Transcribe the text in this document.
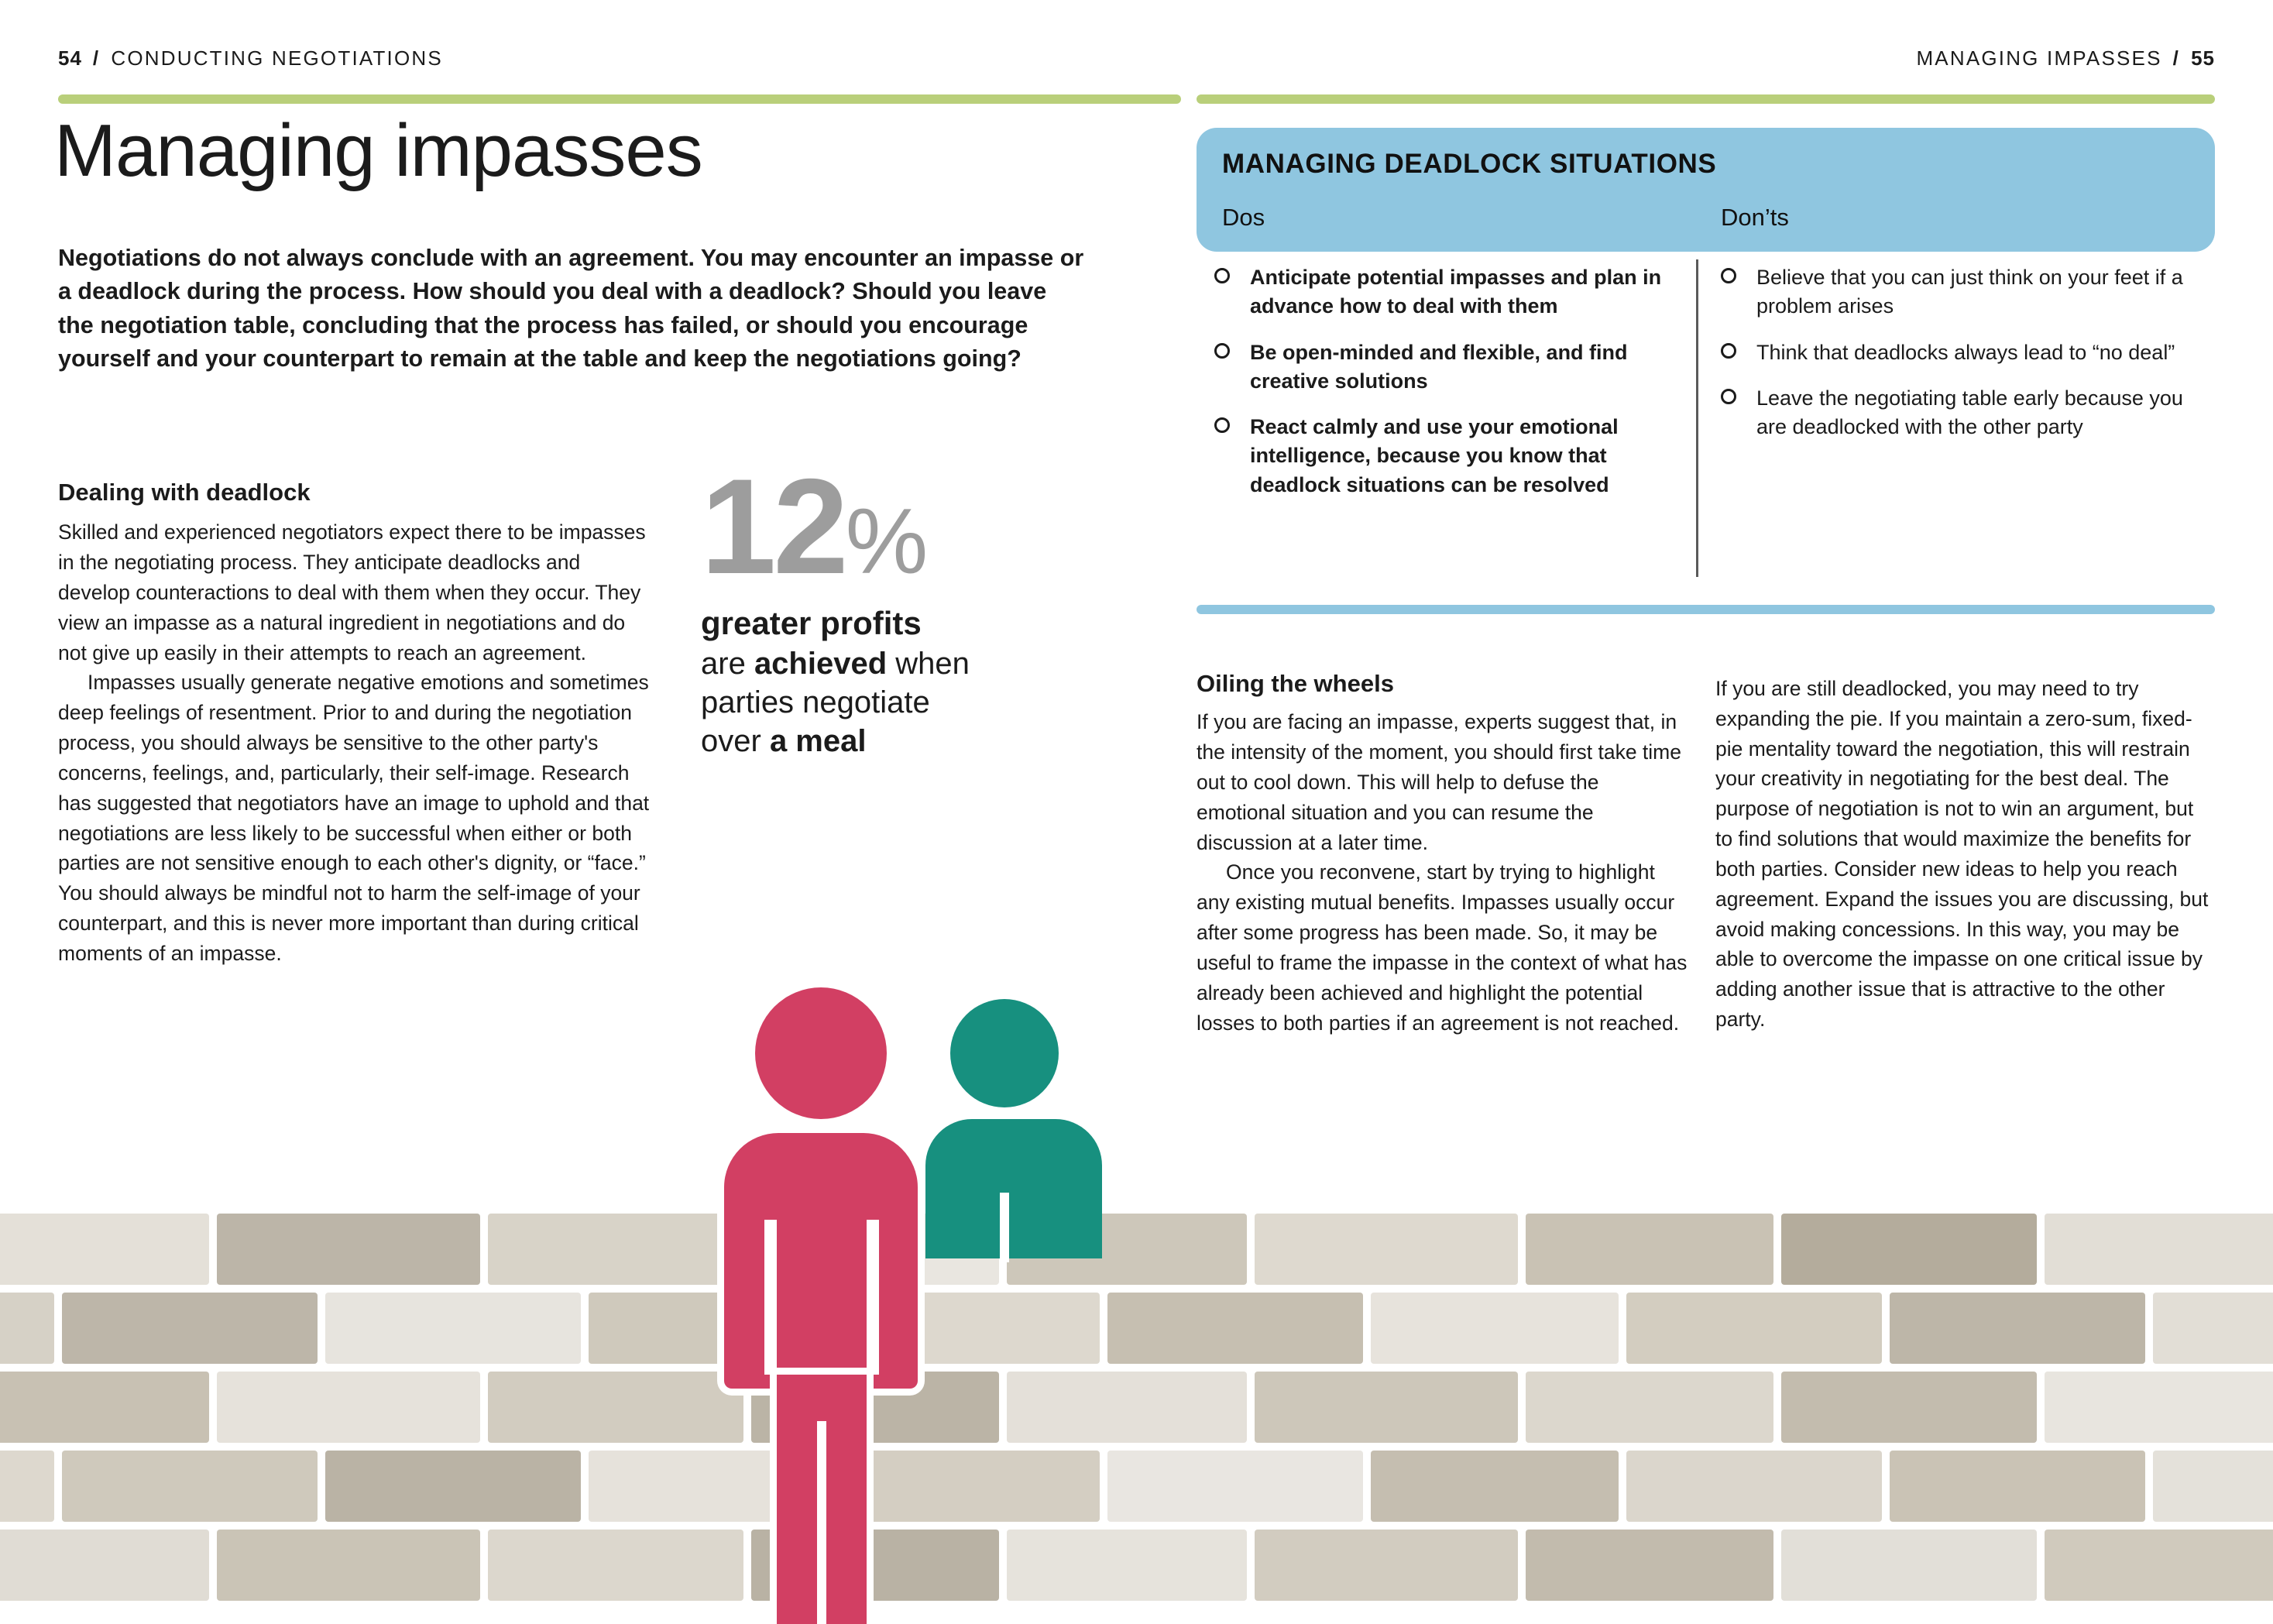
54 / CONDUCTING NEGOTIATIONS	MANAGING IMPASSES / 55
Managing impasses
Negotiations do not always conclude with an agreement. You may encounter an impasse or a deadlock during the process. How should you deal with a deadlock? Should you leave the negotiation table, concluding that the process has failed, or should you encourage yourself and your counterpart to remain at the table and keep the negotiations going?
Dealing with deadlock

Skilled and experienced negotiators expect there to be impasses in the negotiating process. They anticipate deadlocks and develop counteractions to deal with them when they occur. They view an impasse as a natural ingredient in negotiations and do not give up easily in their attempts to reach an agreement.

Impasses usually generate negative emotions and sometimes deep feelings of resentment. Prior to and during the negotiation process, you should always be sensitive to the other party's concerns, feelings, and, particularly, their self-image. Research has suggested that negotiators have an image to uphold and that negotiations are less likely to be successful when either or both parties are not sensitive enough to each other's dignity, or “face.” You should always be mindful not to harm the self-image of your counterpart, and this is never more important than during critical moments of an impasse.

12%
greater profits
are achieved when
parties negotiate
over a meal
MANAGING DEADLOCK SITUATIONS
Dos	Don’ts
Anticipate potential impasses and plan in advance how to deal with them
Be open-minded and flexible, and find creative solutions
React calmly and use your emotional intelligence, because you know that deadlock situations can be resolved
Believe that you can just think on your feet if a problem arises
Think that deadlocks always lead to “no deal”
Leave the negotiating table early because you are deadlocked with the other party
Oiling the wheels

If you are facing an impasse, experts suggest that, in the intensity of the moment, you should first take time out to cool down. This will help to defuse the emotional situation and you can resume the discussion at a later time.

Once you reconvene, start by trying to highlight any existing mutual benefits. Impasses usually occur after some progress has been made. So, it may be useful to frame the impasse in the context of what has already been achieved and highlight the potential losses to both parties if an agreement is not reached.

If you are still deadlocked, you may need to try expanding the pie. If you maintain a zero-sum, fixed-pie mentality toward the negotiation, this will restrain your creativity in negotiating for the best deal. The purpose of negotiation is not to win an argument, but to find solutions that would maximize the benefits for both parties. Consider new ideas to help you reach agreement. Expand the issues you are discussing, but avoid making concessions. In this way, you may be able to overcome the impasse on one critical issue by adding another issue that is attractive to the other party.
